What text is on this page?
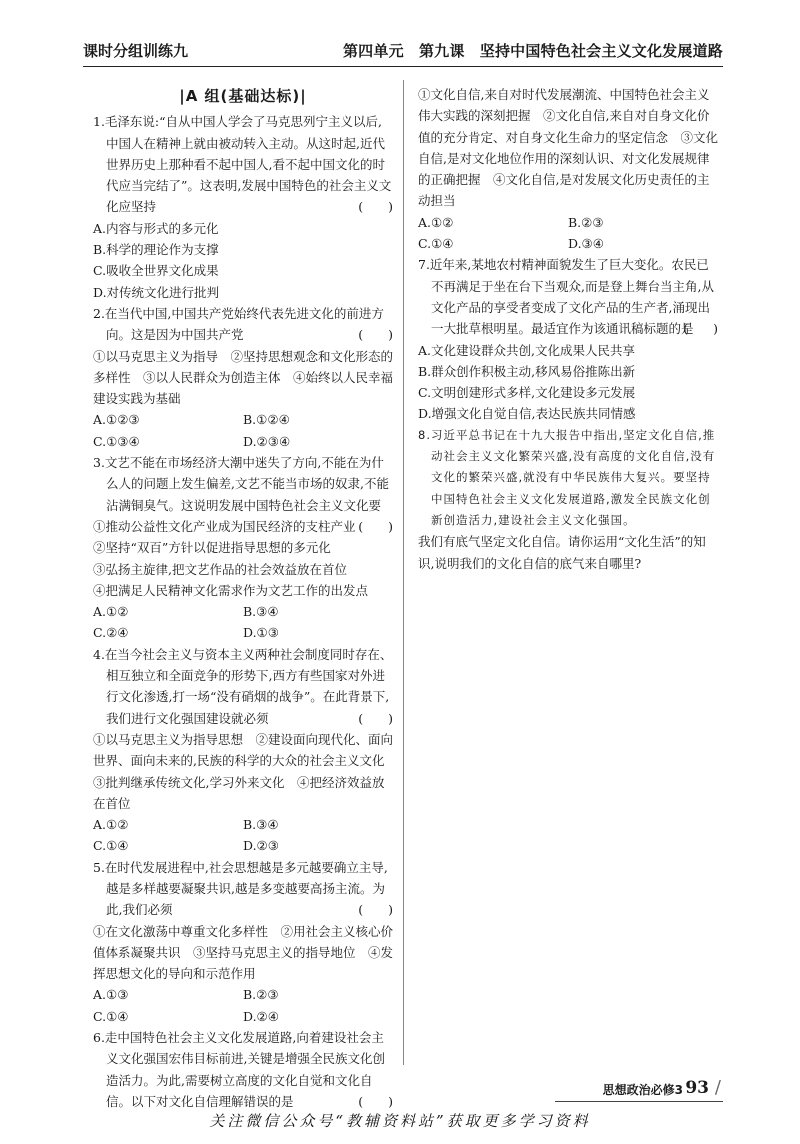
课时分组训练九	第四单元　第九课　坚持中国特色社会主义文化发展道路
|A 组(基础达标)|
1.毛泽东说:“自从中国人学会了马克思列宁主义以后,中国人在精神上就由被动转入主动。从这时起,近代世界历史上那种看不起中国人,看不起中国文化的时代应当完结了”。这表明,发展中国特色的社会主义文化应坚持	(　　)
A.内容与形式的多元化
B.科学的理论作为支撑
C.吸收全世界文化成果
D.对传统文化进行批判
2.在当代中国,中国共产党始终代表先进文化的前进方向。这是因为中国共产党	(　　)
①以马克思主义为指导　②坚持思想观念和文化形态的多样性　③以人民群众为创造主体　④始终以人民幸福建设实践为基础
A.①②③	B.①②④
C.①③④	D.②③④
3.文艺不能在市场经济大潮中迷失了方向,不能在为什么人的问题上发生偏差,文艺不能当市场的奴隶,不能沾满铜臭气。这说明发展中国特色社会主义文化要
(　　)
①推动公益性文化产业成为国民经济的支柱产业
②坚持“双百”方针以促进指导思想的多元化
③弘扬主旋律,把文艺作品的社会效益放在首位
④把满足人民精神文化需求作为文艺工作的出发点
A.①②	B.③④
C.②④	D.①③
4.在当今社会主义与资本主义两种社会制度同时存在、相互独立和全面竞争的形势下,西方有些国家对外进行文化渗透,打一场“没有硝烟的战争”。在此背景下,我们进行文化强国建设就必须	(　　)
①以马克思主义为指导思想　②建设面向现代化、面向世界、面向未来的,民族的科学的大众的社会主义文化　③批判继承传统文化,学习外来文化　④把经济效益放在首位
A.①②	B.③④
C.①④	D.②③
5.在时代发展进程中,社会思想越是多元越要确立主导,越是多样越要凝聚共识,越是多变越要高扬主流。为此,我们必须	(　　)
①在文化激荡中尊重文化多样性　②用社会主义核心价值体系凝聚共识　③坚持马克思主义的指导地位　④发挥思想文化的导向和示范作用
A.①③	B.②③
C.①④	D.②④
6.走中国特色社会主义文化发展道路,向着建设社会主义文化强国宏伟目标前进,关键是增强全民族文化创造活力。为此,需要树立高度的文化自觉和文化自信。以下对文化自信理解错误的是	(　　)
①文化自信,来自对时代发展潮流、中国特色社会主义伟大实践的深刻把握　②文化自信,来自对自身文化价值的充分肯定、对自身文化生命力的坚定信念　③文化自信,是对文化地位作用的深刻认识、对文化发展规律的正确把握　④文化自信,是对发展文化历史责任的主动担当
A.①②	B.②③
C.①④	D.③④
7.近年来,某地农村精神面貌发生了巨大变化。农民已不再满足于坐在台下当观众,而是登上舞台当主角,从文化产品的享受者变成了文化产品的生产者,涌现出一大批草根明星。最适宜作为该通讯稿标题的是
(　　)
A.文化建设群众共创,文化成果人民共享
B.群众创作积极主动,移风易俗推陈出新
C.文明创建形式多样,文化建设多元发展
D.增强文化自觉自信,表达民族共同情感
8.习近平总书记在十九大报告中指出,坚定文化自信,推动社会主义文化繁荣兴盛,没有高度的文化自信,没有文化的繁荣兴盛,就没有中华民族伟大复兴。要坚持中国特色社会主义文化发展道路,激发全民族文化创新创造活力,建设社会主义文化强国。
我们有底气坚定文化自信。请你运用“文化生活”的知识,说明我们的文化自信的底气来自哪里?
思想政治必修3 93 /
关注微信公众号“教辅资料站”获取更多学习资料
